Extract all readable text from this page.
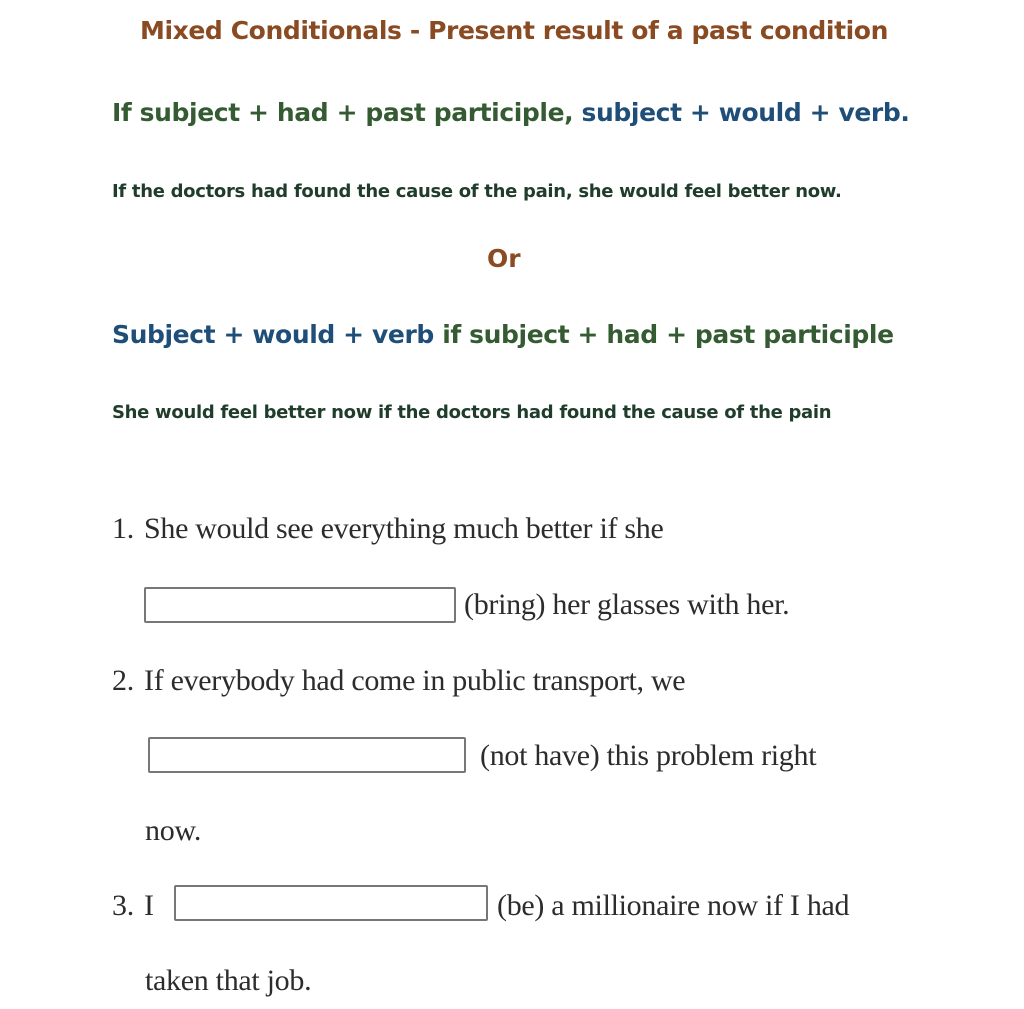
Mixed Conditionals - Present result of a past condition
If subject + had + past participle, subject + would + verb.
If the doctors had found the cause of the pain, she would feel better now.
Or
Subject + would + verb if subject + had + past participle
She would feel better now if the doctors had found the cause of the pain
1. She would see everything much better if she
(bring) her glasses with her.
2. If everybody had come in public transport, we
(not have) this problem right
now.
3. I	(be) a millionaire now if I had
taken that job.
